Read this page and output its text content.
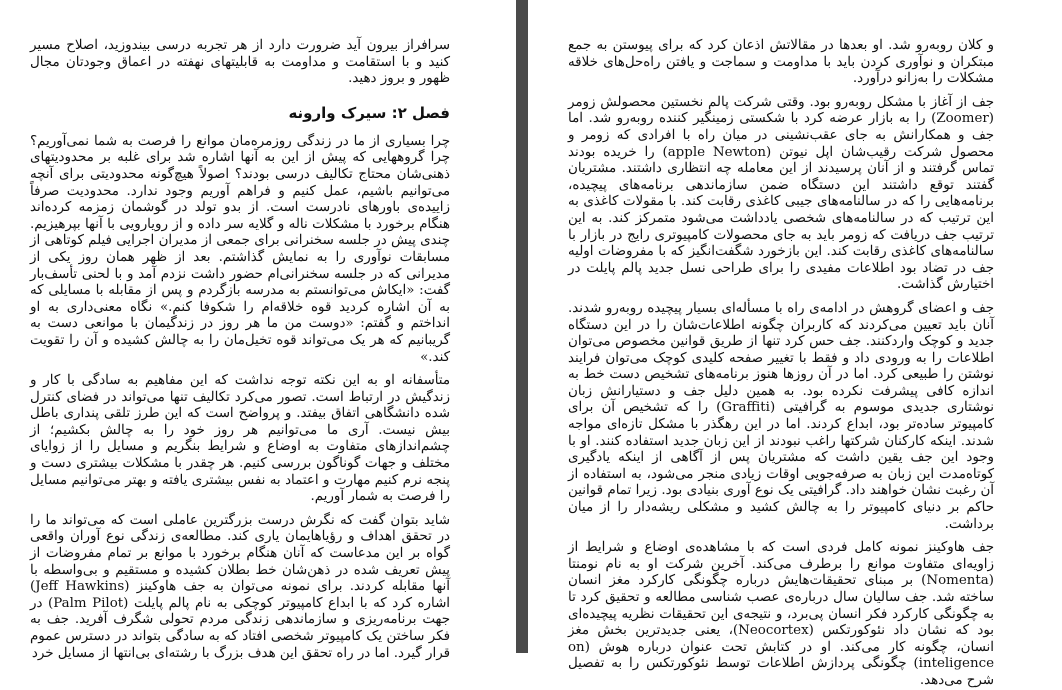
سرافراز بیرون آید ضرورت دارد از هر تجربه درسی بیندوزید، اصلاح مسیر کنید و با استقامت و مداومت به قابلیتهای نهفته در اعماق وجودتان مجال ظهور و بروز دهید.

فصل ۲: سیرک وارونه

چرا بسیاری از ما در زندگی روزمره‌مان موانع را فرصت به شما نمی‌آوریم؟ چرا گروههایی که پیش از این به آنها اشاره شد برای غلبه بر محدودیتهای ذهنی‌شان محتاج تکالیف درسی بودند؟ اصولاً هیچ‌گونه محدودیتی برای آنچه می‌توانیم باشیم، عمل کنیم و فراهم آوریم وجود ندارد. محدودیت صرفاً زاییده‌ی باورهای نادرست است. از بدو تولد در گوشمان زمزمه کرده‌اند هنگام برخورد با مشکلات ناله و گلایه سر داده و از رویارویی با آنها بپرهیزیم. چندی پیش در جلسه سخنرانی برای جمعی از مدیران اجرایی فیلم کوتاهی از مسابقات نوآوری را به نمایش گذاشتم. بعد از ظهر همان روز یکی از مدیرانی که در جلسه سخنرانی‌ام حضور داشت نزدم آمد و با لحنی تأسف‌بار گفت: «ایکاش می‌توانستم به مدرسه بازگردم و پس از مقابله با مسایلی که به آن اشاره کردید قوه خلاقه‌ام را شکوفا کنم.» نگاه معنی‌داری به او انداختم و گفتم: «دوست من ما هر روز در زندگیمان با موانعی دست به گریبانیم که هر یک می‌تواند قوه تخیل‌مان را به چالش کشیده و آن را تقویت کند.»

متأسفانه او به این نکته توجه نداشت که این مفاهیم به سادگی با کار و زندگیش در ارتباط است. تصور می‌کرد تکالیف تنها می‌تواند در فضای کنترل شده دانشگاهی اتفاق بیفتد. و پرواضح است که این طرز تلقی پنداری باطل بیش نیست. آری ما می‌توانیم هر روز خود را به چالش بکشیم؛ از چشم‌اندازهای متفاوت به اوضاع و شرایط بنگریم و مسایل را از زوایای مختلف و جهات گوناگون بررسی کنیم. هر چقدر با مشکلات بیشتری دست و پنجه نرم کنیم مهارت و اعتماد به نفس بیشتری یافته و بهتر می‌توانیم مسایل را فرصت به شمار آوریم.

شاید بتوان گفت که نگرش درست بزرگترین عاملی است که می‌تواند ما را در تحقق اهداف و رؤیاهایمان یاری کند. مطالعه‌ی زندگی نوع آوران واقعی گواه بر این مدعاست که آنان هنگام برخورد با موانع بر تمام مفروضات از پیش تعریف شده در ذهن‌شان خط بطلان کشیده و مستقیم و بی‌واسطه با آنها مقابله کردند. برای نمونه می‌توان به جف هاوکینز (Jeff Hawkins) اشاره کرد که با ابداع کامپیوتر کوچکی به نام پالم پایلت (Palm Pilot) در جهت برنامه‌ریزی و سازماندهی زندگی مردم تحولی شگرف آفرید. جف به فکر ساختن یک کامپیوتر شخصی افتاد که به سادگی بتواند در دسترس عموم قرار گیرد. اما در راه تحقق این هدف بزرگ با رشته‌ای بی‌انتها از مسایل خرد

و کلان روبه‌رو شد. او بعدها در مقالاتش اذعان کرد که برای پیوستن به جمع مبتکران و نوآوری کردن باید با مداومت و سماجت و یافتن راه‌حل‌های خلاقه مشکلات را به‌زانو درآورد.

جف از آغاز با مشکل روبه‌رو بود. وقتی شرکت پالم نخستین محصولش زومر (Zoomer) را به بازار عرضه کرد با شکستی زمینگیر کننده روبه‌رو شد. اما جف و همکارانش به جای عقب‌نشینی در میان راه با افرادی که زومر و محصول شرکت رقیب‌شان اپل نیوتن (apple Newton) را خریده بودند تماس گرفتند و از آنان پرسیدند از این معامله چه انتظاری داشتند. مشتریان گفتند توقع داشتند این دستگاه ضمن سازماندهی برنامه‌های پیچیده، برنامه‌هایی را که در سالنامه‌های جیبی کاغذی رقابت کند. با مقولات کاغذی به این ترتیب که در سالنامه‌های شخصی یادداشت می‌شود متمرکز کند. به این ترتیب جف دریافت که زومر باید به جای محصولات کامپیوتری رایج در بازار با سالنامه‌های کاغذی رقابت کند. این بازخورد شگفت‌انگیز که با مفروضات اولیه جف در تضاد بود اطلاعات مفیدی را برای طراحی نسل جدید پالم پایلت در اختیارش گذاشت.

جف و اعضای گروهش در ادامه‌ی راه با مسأله‌ای بسیار پیچیده روبه‌رو شدند. آنان باید تعیین می‌کردند که کاربران چگونه اطلاعات‌شان را در این دستگاه جدید و کوچک واردکنند. جف حس کرد تنها از طریق قوانین مخصوص می‌توان اطلاعات را به ورودی داد و فقط با تغییر صفحه کلیدی کوچک می‌توان فرایند نوشتن را طبیعی کرد. اما در آن روزها هنوز برنامه‌های تشخیص دست خط به اندازه کافی پیشرفت نکرده بود. به همین دلیل جف و دستیارانش زبان نوشتاری جدیدی موسوم به گرافیتی (Graffiti) را که تشخیص آن برای کامپیوتر ساده‌تر بود، ابداع کردند. اما در این رهگذر با مشکل تازه‌ای مواجه شدند. اینکه کارکنان شرکتها راغب نبودند از این زبان جدید استفاده کنند. او با وجود این جف یقین داشت که مشتریان پس از آگاهی از اینکه یادگیری کوتاه‌مدت این زبان به صرفه‌جویی اوقات زیادی منجر می‌شود، به استفاده از آن رغبت نشان خواهند داد. گرافیتی یک نوع آوری بنیادی بود. زیرا تمام قوانین حاکم بر دنیای کامپیوتر را به چالش کشید و مشکلی ریشه‌دار را از میان برداشت.

جف هاوکینز نمونه کامل فردی است که با مشاهده‌ی اوضاع و شرایط از زاویه‌ای متفاوت موانع را برطرف می‌کند. آخرین شرکت او به نام نومنتا (Nomenta) بر مبنای تحقیقات‌هایش درباره چگونگی کارکرد مغز انسان ساخته شد. جف سالیان سال درباره‌ی عصب شناسی مطالعه و تحقیق کرد تا به چگونگی کارکرد فکر انسان پی‌برد، و نتیجه‌ی این تحقیقات نظریه پیچیده‌ای بود که نشان داد نئوکورتکس (Neocortex)، یعنی جدیدترین بخش مغز انسان، چگونه کار می‌کند. او در کتابش تحت عنوان درباره هوش (on inteligence) چگونگی پردازش اطلاعات توسط نئوکورتکس را به تفصیل شرح می‌دهد.
